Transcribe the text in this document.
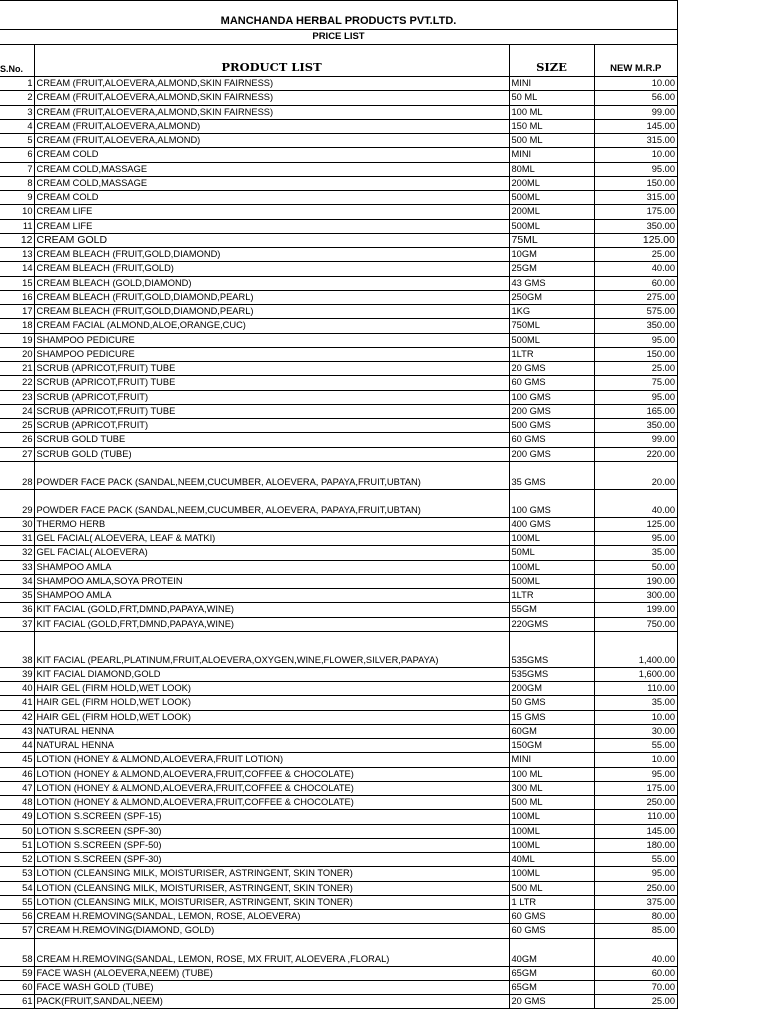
MANCHANDA HERBAL PRODUCTS PVT.LTD.
PRICE LIST
S.No.	PRODUCT LIST	SIZE	NEW M.R.P
1	CREAM (FRUIT,ALOEVERA,ALMOND,SKIN FAIRNESS)	MINI	10.00
2	CREAM (FRUIT,ALOEVERA,ALMOND,SKIN FAIRNESS)	50 ML	56.00
3	CREAM (FRUIT,ALOEVERA,ALMOND,SKIN FAIRNESS)	100 ML	99.00
4	CREAM (FRUIT,ALOEVERA,ALMOND)	150 ML	145.00
5	CREAM (FRUIT,ALOEVERA,ALMOND)	500 ML	315.00
6	CREAM COLD	MINI	10.00
7	CREAM COLD,MASSAGE	80ML	95.00
8	CREAM COLD,MASSAGE	200ML	150.00
9	CREAM COLD	500ML	315.00
10	CREAM LIFE	200ML	175.00
11	CREAM LIFE	500ML	350.00
12	CREAM GOLD	75ML	125.00
13	CREAM BLEACH (FRUIT,GOLD,DIAMOND)	10GM	25.00
14	CREAM BLEACH (FRUIT,GOLD)	25GM	40.00
15	CREAM BLEACH (GOLD,DIAMOND)	43 GMS	60.00
16	CREAM BLEACH (FRUIT,GOLD,DIAMOND,PEARL)	250GM	275.00
17	CREAM BLEACH (FRUIT,GOLD,DIAMOND,PEARL)	1KG	575.00
18	CREAM FACIAL (ALMOND,ALOE,ORANGE,CUC)	750ML	350.00
19	SHAMPOO PEDICURE	500ML	95.00
20	SHAMPOO PEDICURE	1LTR	150.00
21	SCRUB (APRICOT,FRUIT) TUBE	20 GMS	25.00
22	SCRUB (APRICOT,FRUIT) TUBE	60 GMS	75.00
23	SCRUB (APRICOT,FRUIT)	100 GMS	95.00
24	SCRUB (APRICOT,FRUIT) TUBE	200 GMS	165.00
25	SCRUB (APRICOT,FRUIT)	500 GMS	350.00
26	SCRUB GOLD TUBE	60 GMS	99.00
27	SCRUB GOLD (TUBE)	200 GMS	220.00
28	POWDER FACE PACK (SANDAL,NEEM,CUCUMBER, ALOEVERA, PAPAYA,FRUIT,UBTAN)	35 GMS	20.00
29	POWDER FACE PACK (SANDAL,NEEM,CUCUMBER, ALOEVERA, PAPAYA,FRUIT,UBTAN)	100 GMS	40.00
30	THERMO HERB	400 GMS	125.00
31	GEL FACIAL( ALOEVERA, LEAF & MATKI)	100ML	95.00
32	GEL FACIAL( ALOEVERA)	50ML	35.00
33	SHAMPOO AMLA	100ML	50.00
34	SHAMPOO AMLA,SOYA PROTEIN	500ML	190.00
35	SHAMPOO AMLA	1LTR	300.00
36	KIT FACIAL (GOLD,FRT,DMND,PAPAYA,WINE)	55GM	199.00
37	KIT FACIAL (GOLD,FRT,DMND,PAPAYA,WINE)	220GMS	750.00
38	KIT FACIAL (PEARL,PLATINUM,FRUIT,ALOEVERA,OXYGEN,WINE,FLOWER,SILVER,PAPAYA)	535GMS	1,400.00
39	KIT FACIAL DIAMOND,GOLD	535GMS	1,600.00
40	HAIR GEL (FIRM HOLD,WET LOOK)	200GM	110.00
41	HAIR GEL (FIRM HOLD,WET LOOK)	50 GMS	35.00
42	HAIR GEL (FIRM HOLD,WET LOOK)	15 GMS	10.00
43	NATURAL HENNA	60GM	30.00
44	NATURAL HENNA	150GM	55.00
45	LOTION (HONEY & ALMOND,ALOEVERA,FRUIT LOTION)	MINI	10.00
46	LOTION (HONEY & ALMOND,ALOEVERA,FRUIT,COFFEE & CHOCOLATE)	100 ML	95.00
47	LOTION (HONEY & ALMOND,ALOEVERA,FRUIT,COFFEE & CHOCOLATE)	300 ML	175.00
48	LOTION (HONEY & ALMOND,ALOEVERA,FRUIT,COFFEE & CHOCOLATE)	500 ML	250.00
49	LOTION S.SCREEN (SPF-15)	100ML	110.00
50	LOTION S.SCREEN (SPF-30)	100ML	145.00
51	LOTION S.SCREEN (SPF-50)	100ML	180.00
52	LOTION S.SCREEN (SPF-30)	40ML	55.00
53	LOTION (CLEANSING MILK, MOISTURISER, ASTRINGENT, SKIN TONER)	100ML	95.00
54	LOTION (CLEANSING MILK, MOISTURISER, ASTRINGENT, SKIN TONER)	500 ML	250.00
55	LOTION (CLEANSING MILK, MOISTURISER, ASTRINGENT, SKIN TONER)	1 LTR	375.00
56	CREAM H.REMOVING(SANDAL, LEMON, ROSE, ALOEVERA)	60 GMS	80.00
57	CREAM H.REMOVING(DIAMOND, GOLD)	60 GMS	85.00
58	CREAM H.REMOVING(SANDAL, LEMON, ROSE, MX FRUIT, ALOEVERA ,FLORAL)	40GM	40.00
59	FACE WASH (ALOEVERA,NEEM) (TUBE)	65GM	60.00
60	FACE WASH GOLD (TUBE)	65GM	70.00
61	PACK(FRUIT,SANDAL,NEEM)	20 GMS	25.00
